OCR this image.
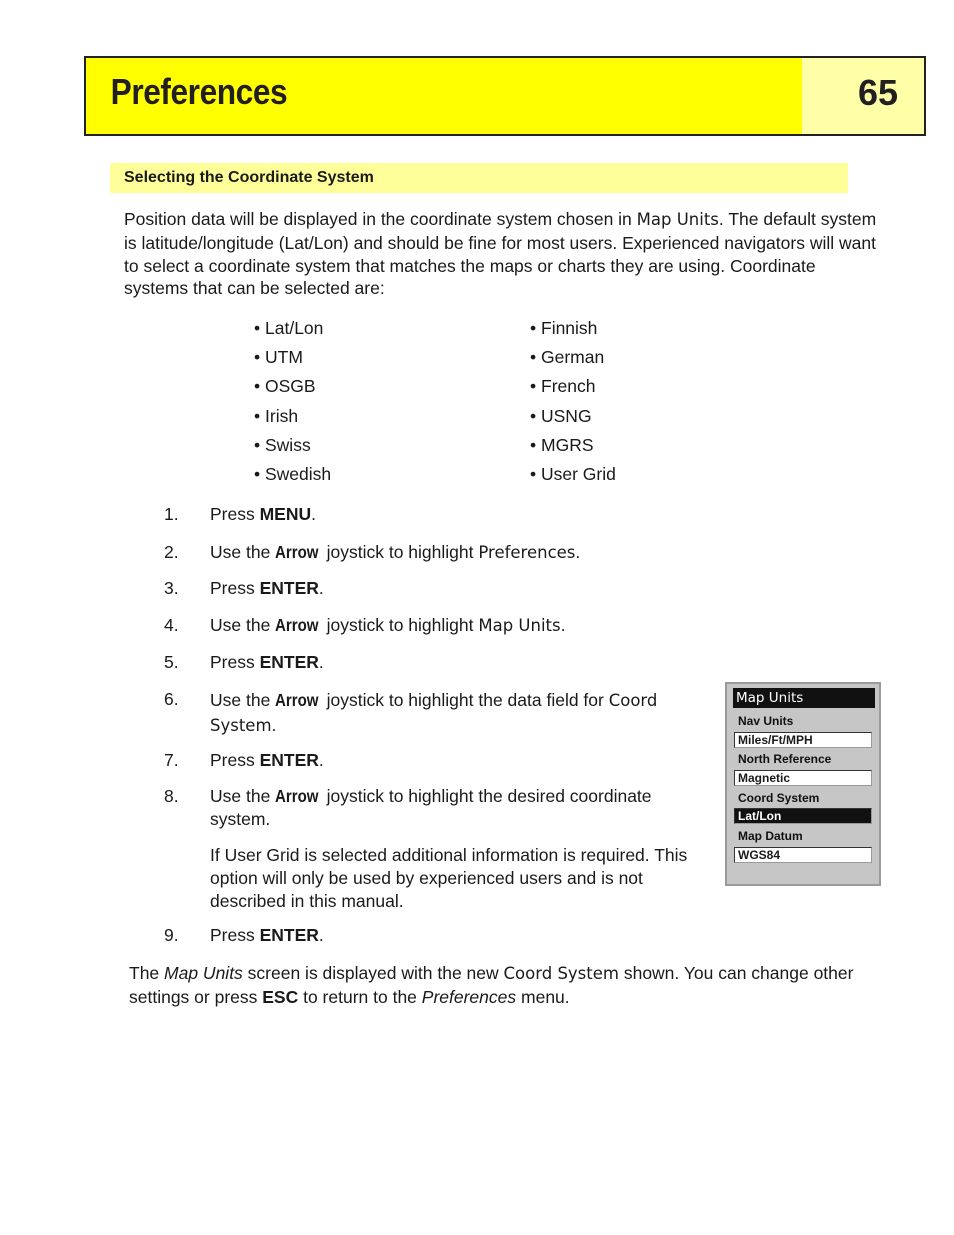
Preferences	65
Selecting the Coordinate System

Position data will be displayed in the coordinate system chosen in Map Units. The default system is latitude/longitude (Lat/Lon) and should be fine for most users. Experienced navigators will want to select a coordinate system that matches the maps or charts they are using. Coordinate systems that can be selected are:

• Lat/Lon
• UTM
• OSGB
• Irish
• Swiss
• Swedish
• Finnish
• German
• French
• USNG
• MGRS
• User Grid
1.	Press MENU.
2.	Use the Arrow joystick to highlight Preferences.
3.	Press ENTER.
4.	Use the Arrow joystick to highlight Map Units.
5.	Press ENTER.
6.	Use the Arrow joystick to highlight the data field for Coord System.
7.	Press ENTER.
8.	Use the Arrow joystick to highlight the desired coordinate system.
If User Grid is selected additional information is required. This option will only be used by experienced users and is not described in this manual.
9.	Press ENTER.

The Map Units screen is displayed with the new Coord System shown. You can change other settings or press ESC to return to the Preferences menu.

Map Units
Nav Units
Miles/Ft/MPH
North Reference
Magnetic
Coord System
Lat/Lon
Map Datum
WGS84
